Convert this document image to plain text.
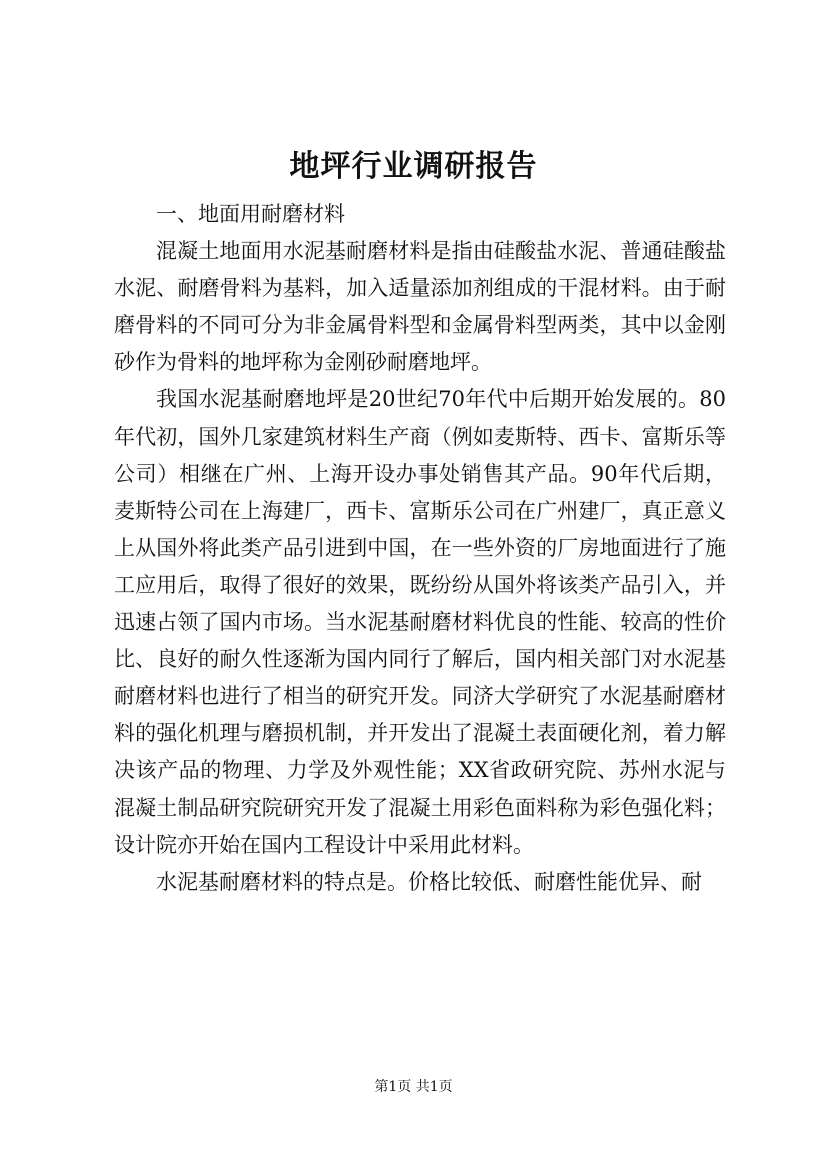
地坪行业调研报告

一、地面用耐磨材料

混凝土地面用水泥基耐磨材料是指由硅酸盐水泥、普通硅酸盐水泥、耐磨骨料为基料，加入适量添加剂组成的干混材料。由于耐磨骨料的不同可分为非金属骨料型和金属骨料型两类，其中以金刚砂作为骨料的地坪称为金刚砂耐磨地坪。

我国水泥基耐磨地坪是20世纪70年代中后期开始发展的。80年代初，国外几家建筑材料生产商（例如麦斯特、西卡、富斯乐等公司）相继在广州、上海开设办事处销售其产品。90年代后期，麦斯特公司在上海建厂，西卡、富斯乐公司在广州建厂，真正意义上从国外将此类产品引进到中国，在一些外资的厂房地面进行了施工应用后，取得了很好的效果，既纷纷从国外将该类产品引入，并迅速占领了国内市场。当水泥基耐磨材料优良的性能、较高的性价比、良好的耐久性逐渐为国内同行了解后，国内相关部门对水泥基耐磨材料也进行了相当的研究开发。同济大学研究了水泥基耐磨材料的强化机理与磨损机制，并开发出了混凝土表面硬化剂，着力解决该产品的物理、力学及外观性能；XX省政研究院、苏州水泥与混凝土制品研究院研究开发了混凝土用彩色面料称为彩色强化料；设计院亦开始在国内工程设计中采用此材料。

水泥基耐磨材料的特点是。价格比较低、耐磨性能优异、耐

第1页 共1页
